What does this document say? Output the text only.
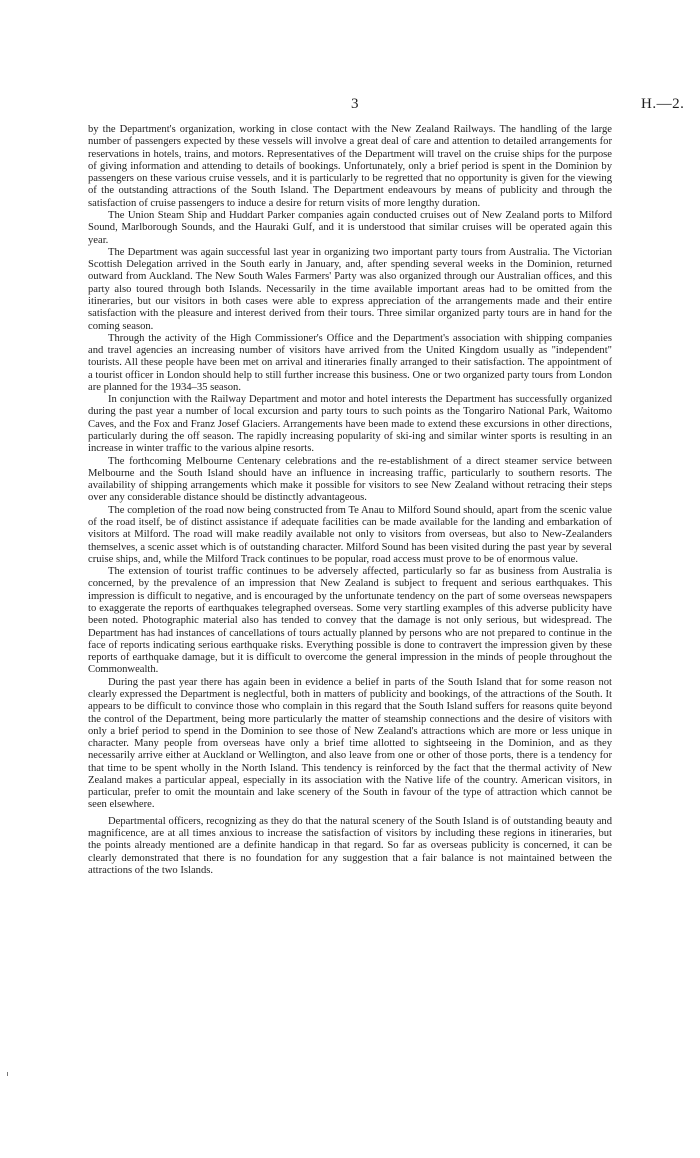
3	H.—2.

by the Department's organization, working in close contact with the New Zealand Railways. The handling of the large number of passengers expected by these vessels will involve a great deal of care and attention to detailed arrangements for reservations in hotels, trains, and motors. Representatives of the Department will travel on the cruise ships for the purpose of giving information and attending to details of bookings. Unfortunately, only a brief period is spent in the Dominion by passengers on these various cruise vessels, and it is particularly to be regretted that no opportunity is given for the viewing of the outstanding attractions of the South Island. The Department endeavours by means of publicity and through the satisfaction of cruise passengers to induce a desire for return visits of more lengthy duration.

The Union Steam Ship and Huddart Parker companies again conducted cruises out of New Zealand ports to Milford Sound, Marlborough Sounds, and the Hauraki Gulf, and it is understood that similar cruises will be operated again this year.

The Department was again successful last year in organizing two important party tours from Australia. The Victorian Scottish Delegation arrived in the South early in January, and, after spending several weeks in the Dominion, returned outward from Auckland. The New South Wales Farmers' Party was also organized through our Australian offices, and this party also toured through both Islands. Necessarily in the time available important areas had to be omitted from the itineraries, but our visitors in both cases were able to express appreciation of the arrangements made and their entire satisfaction with the pleasure and interest derived from their tours. Three similar organized party tours are in hand for the coming season.

Through the activity of the High Commissioner's Office and the Department's association with shipping companies and travel agencies an increasing number of visitors have arrived from the United Kingdom usually as "independent" tourists. All these people have been met on arrival and itineraries finally arranged to their satisfaction. The appointment of a tourist officer in London should help to still further increase this business. One or two organized party tours from London are planned for the 1934–35 season.

In conjunction with the Railway Department and motor and hotel interests the Department has successfully organized during the past year a number of local excursion and party tours to such points as the Tongariro National Park, Waitomo Caves, and the Fox and Franz Josef Glaciers. Arrangements have been made to extend these excursions in other directions, particularly during the off season. The rapidly increasing popularity of ski-ing and similar winter sports is resulting in an increase in winter traffic to the various alpine resorts.

The forthcoming Melbourne Centenary celebrations and the re-establishment of a direct steamer service between Melbourne and the South Island should have an influence in increasing traffic, particularly to southern resorts. The availability of shipping arrangements which make it possible for visitors to see New Zealand without retracing their steps over any considerable distance should be distinctly advantageous.

The completion of the road now being constructed from Te Anau to Milford Sound should, apart from the scenic value of the road itself, be of distinct assistance if adequate facilities can be made available for the landing and embarkation of visitors at Milford. The road will make readily available not only to visitors from overseas, but also to New-Zealanders themselves, a scenic asset which is of outstanding character. Milford Sound has been visited during the past year by several cruise ships, and, while the Milford Track continues to be popular, road access must prove to be of enormous value.

The extension of tourist traffic continues to be adversely affected, particularly so far as business from Australia is concerned, by the prevalence of an impression that New Zealand is subject to frequent and serious earthquakes. This impression is difficult to negative, and is encouraged by the unfortunate tendency on the part of some overseas newspapers to exaggerate the reports of earthquakes telegraphed overseas. Some very startling examples of this adverse publicity have been noted. Photographic material also has tended to convey that the damage is not only serious, but widespread. The Department has had instances of cancellations of tours actually planned by persons who are not prepared to continue in the face of reports indicating serious earthquake risks. Everything possible is done to contravert the impression given by these reports of earthquake damage, but it is difficult to overcome the general impression in the minds of people throughout the Commonwealth.

During the past year there has again been in evidence a belief in parts of the South Island that for some reason not clearly expressed the Department is neglectful, both in matters of publicity and bookings, of the attractions of the South. It appears to be difficult to convince those who complain in this regard that the South Island suffers for reasons quite beyond the control of the Department, being more particularly the matter of steamship connections and the desire of visitors with only a brief period to spend in the Dominion to see those of New Zealand's attractions which are more or less unique in character. Many people from overseas have only a brief time allotted to sightseeing in the Dominion, and as they necessarily arrive either at Auckland or Wellington, and also leave from one or other of those ports, there is a tendency for that time to be spent wholly in the North Island. This tendency is reinforced by the fact that the thermal activity of New Zealand makes a particular appeal, especially in its association with the Native life of the country. American visitors, in particular, prefer to omit the mountain and lake scenery of the South in favour of the type of attraction which cannot be seen elsewhere.

Departmental officers, recognizing as they do that the natural scenery of the South Island is of outstanding beauty and magnificence, are at all times anxious to increase the satisfaction of visitors by including these regions in itineraries, but the points already mentioned are a definite handicap in that regard. So far as overseas publicity is concerned, it can be clearly demonstrated that there is no foundation for any suggestion that a fair balance is not maintained between the attractions of the two Islands.
